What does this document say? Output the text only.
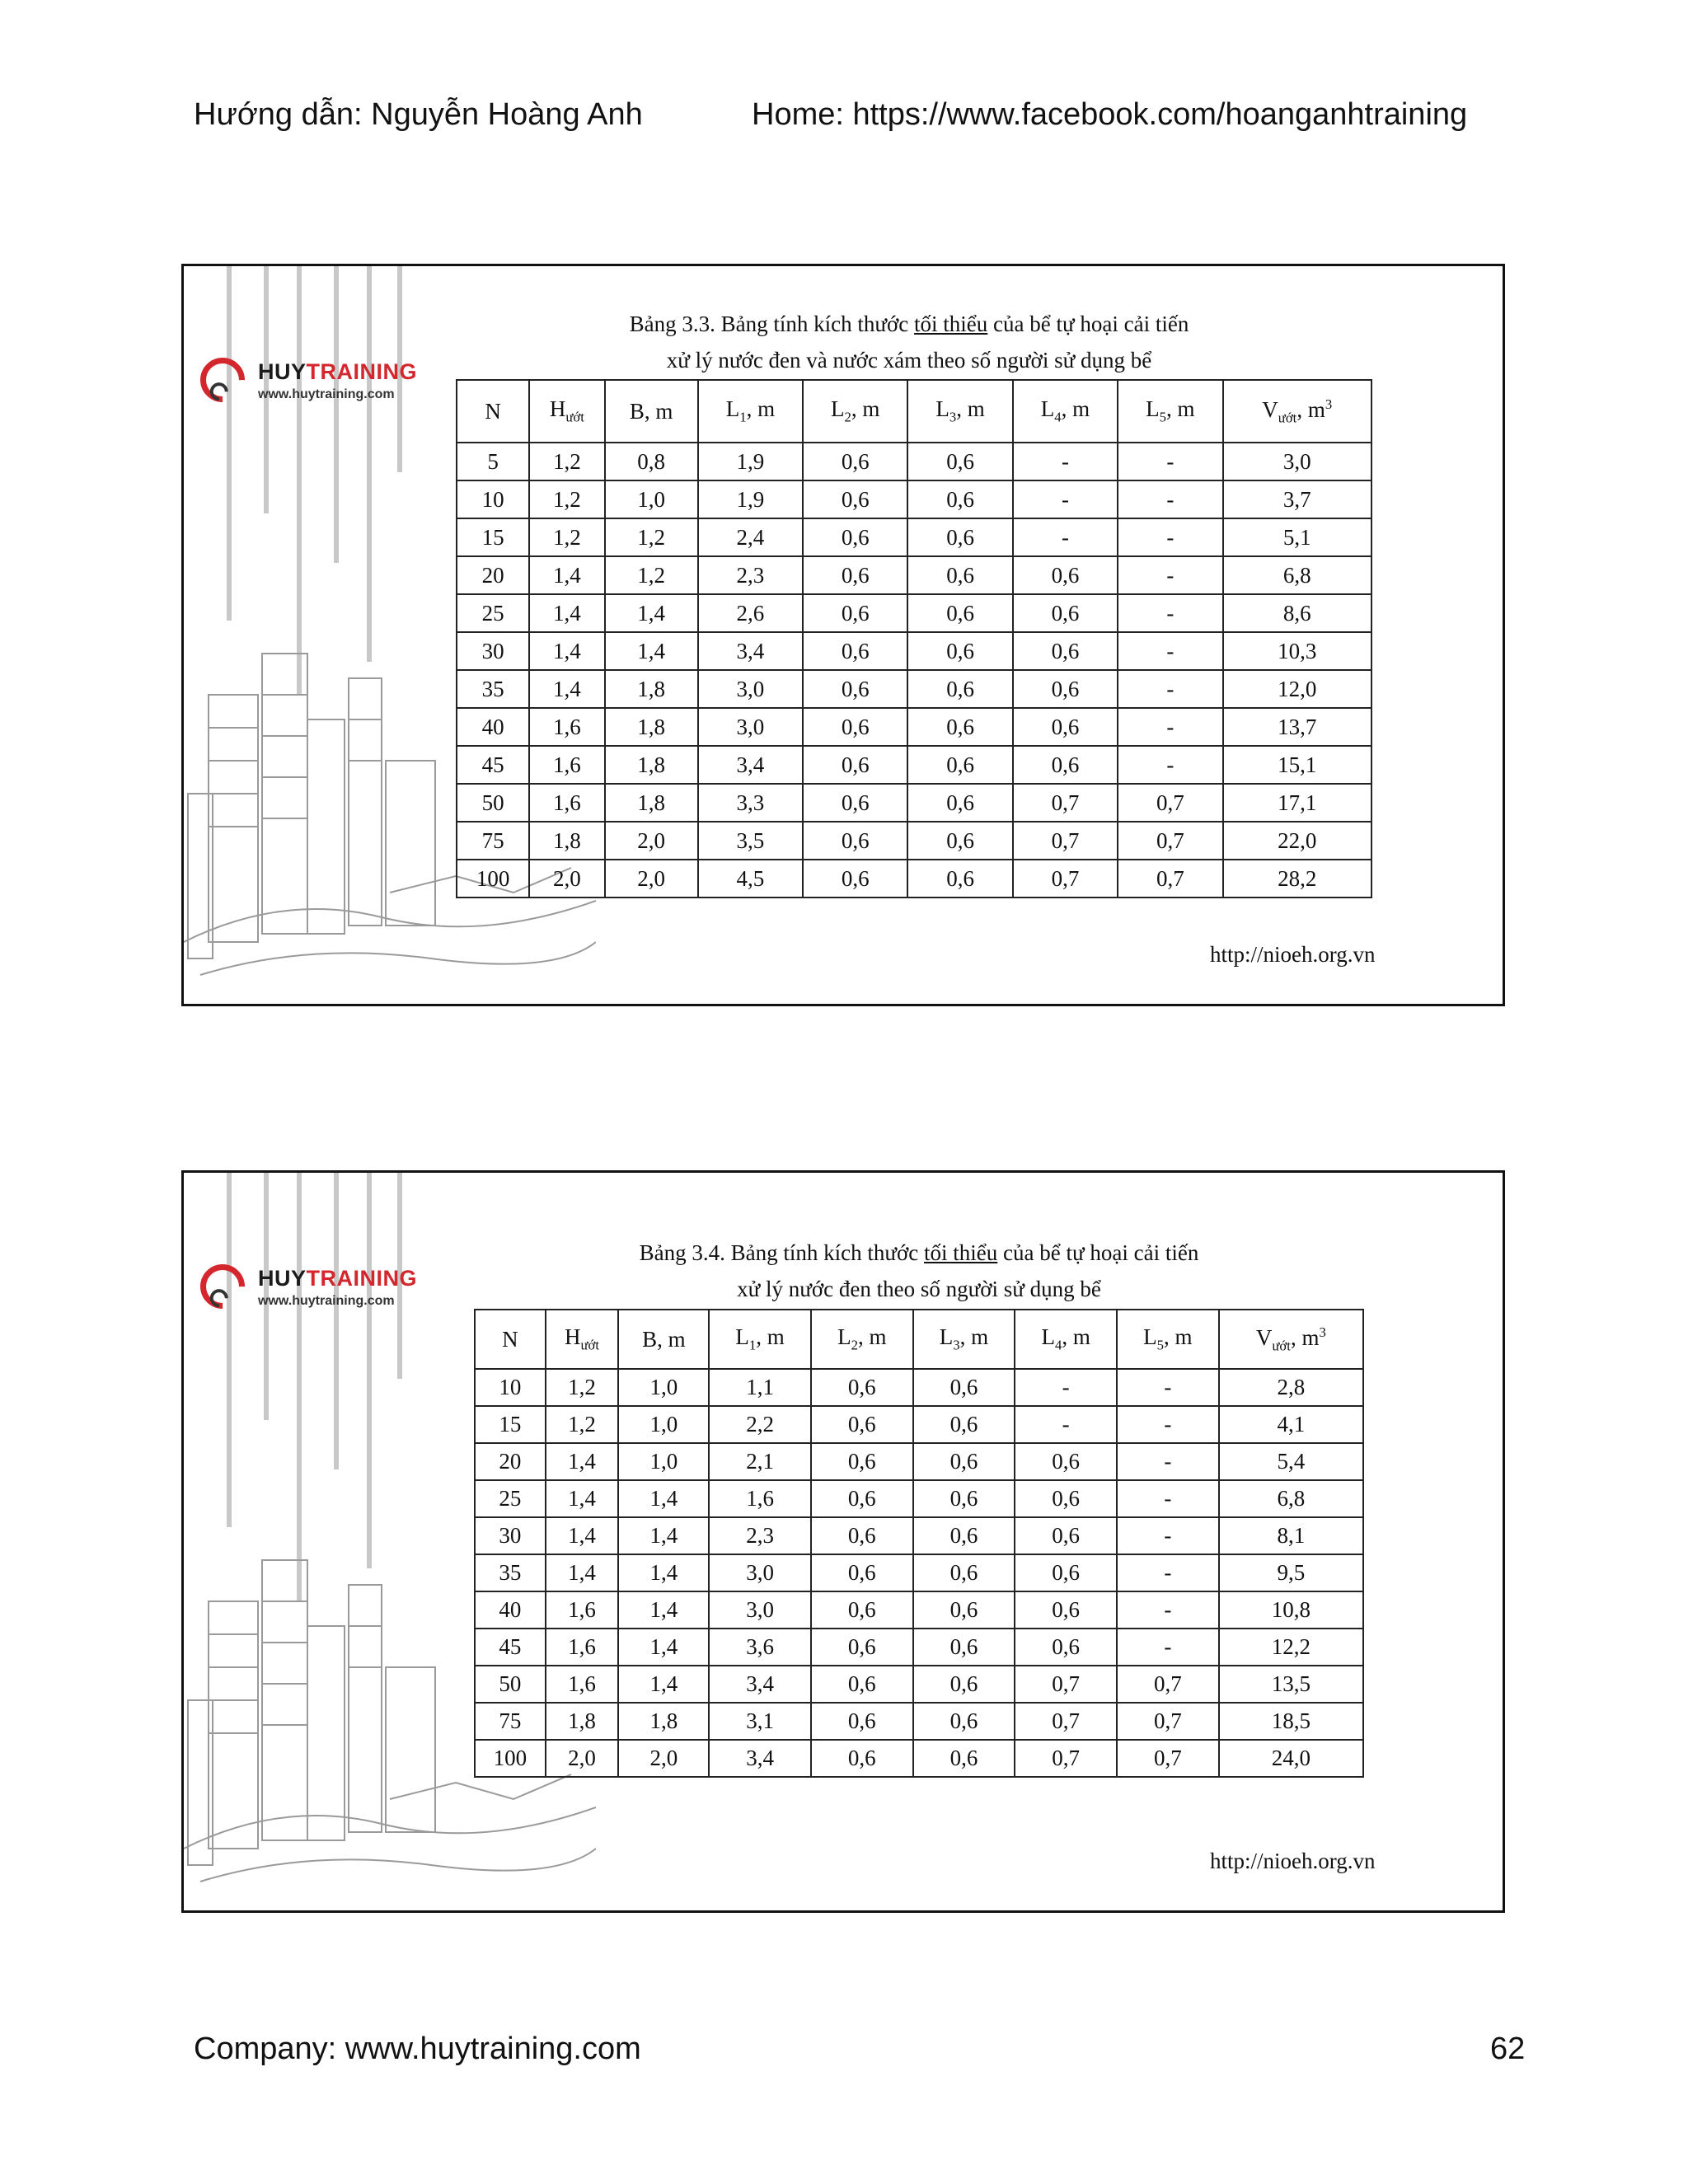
Hướng dẫn: Nguyễn Hoàng Anh	Home: https://www.facebook.com/hoanganhtraining
HUYTRAINING
www.huytraining.com
Bảng 3.3. Bảng tính kích thước tối thiểu của bể tự hoại cải tiến
xử lý nước đen và nước xám theo số người sử dụng bể
N	$H_{ướt}$	B, m	$L_1$, m	$L_2$, m	$L_3$, m	$L_4$, m	$L_5$, m	$V_{ướt}$, $m^3$
5	1,2	0,8	1,9	0,6	0,6	-	-	3,0
10	1,2	1,0	1,9	0,6	0,6	-	-	3,7
15	1,2	1,2	2,4	0,6	0,6	-	-	5,1
20	1,4	1,2	2,3	0,6	0,6	0,6	-	6,8
25	1,4	1,4	2,6	0,6	0,6	0,6	-	8,6
30	1,4	1,4	3,4	0,6	0,6	0,6	-	10,3
35	1,4	1,8	3,0	0,6	0,6	0,6	-	12,0
40	1,6	1,8	3,0	0,6	0,6	0,6	-	13,7
45	1,6	1,8	3,4	0,6	0,6	0,6	-	15,1
50	1,6	1,8	3,3	0,6	0,6	0,7	0,7	17,1
75	1,8	2,0	3,5	0,6	0,6	0,7	0,7	22,0
100	2,0	2,0	4,5	0,6	0,6	0,7	0,7	28,2
http://nioeh.org.vn
HUYTRAINING
www.huytraining.com
Bảng 3.4. Bảng tính kích thước tối thiểu của bể tự hoại cải tiến
xử lý nước đen theo số người sử dụng bể
N	$H_{ướt}$	B, m	$L_1$, m	$L_2$, m	$L_3$, m	$L_4$, m	$L_5$, m	$V_{ướt}$, $m^3$
10	1,2	1,0	1,1	0,6	0,6	-	-	2,8
15	1,2	1,0	2,2	0,6	0,6	-	-	4,1
20	1,4	1,0	2,1	0,6	0,6	0,6	-	5,4
25	1,4	1,4	1,6	0,6	0,6	0,6	-	6,8
30	1,4	1,4	2,3	0,6	0,6	0,6	-	8,1
35	1,4	1,4	3,0	0,6	0,6	0,6	-	9,5
40	1,6	1,4	3,0	0,6	0,6	0,6	-	10,8
45	1,6	1,4	3,6	0,6	0,6	0,6	-	12,2
50	1,6	1,4	3,4	0,6	0,6	0,7	0,7	13,5
75	1,8	1,8	3,1	0,6	0,6	0,7	0,7	18,5
100	2,0	2,0	3,4	0,6	0,6	0,7	0,7	24,0
http://nioeh.org.vn
Company: www.huytraining.com	62
